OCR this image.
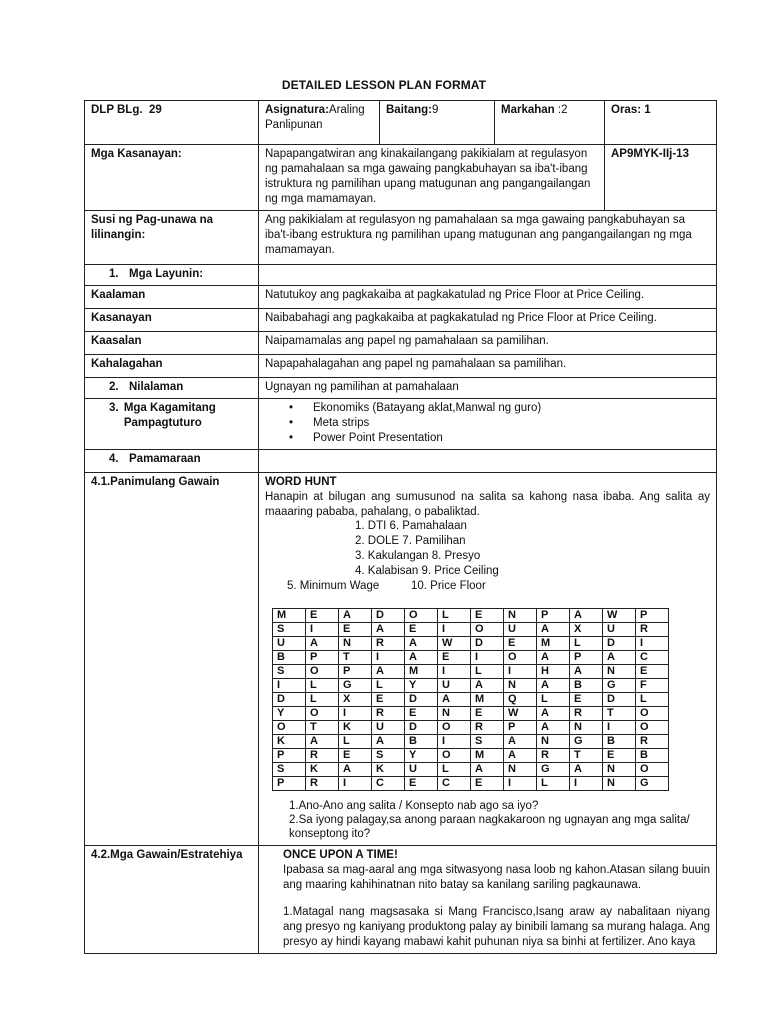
DETAILED LESSON PLAN FORMAT
DLP BLg. 29	Asignatura:Araling Panlipunan	Baitang:9	Markahan :2	Oras: 1
Mga Kasanayan:	Napapangatwiran ang kinakailangang pakikialam at regulasyon ng pamahalaan sa mga gawaing pangkabuhayan sa iba't-ibang istruktura ng pamilihan upang matugunan ang pangangailangan ng mga mamamayan.	AP9MYK-IIj-13
Susi ng Pag-unawa na lilinangin:	Ang pakikialam at regulasyon ng pamahalaan sa mga gawaing pangkabuhayan sa iba't-ibang estruktura ng pamilihan upang matugunan ang pangangailangan ng mga mamamayan.
1. Mga Layunin:	
Kaalaman	Natutukoy ang pagkakaiba at pagkakatulad ng Price Floor at Price Ceiling.
Kasanayan	Naibabahagi ang pagkakaiba at pagkakatulad ng Price Floor at Price Ceiling.
Kaasalan	Naipamamalas ang papel ng pamahalaan sa pamilihan.
Kahalagahan	Napapahalagahan ang papel ng pamahalaan sa pamilihan.
2. Nilalaman	Ugnayan ng pamilihan at pamahalaan

3. Mga Kagamitang Pampagtuturo

• Ekonomiks (Batayang aklat,Manwal ng guro)
• Meta strips
• Power Point Presentation

4. Pamamaraan	
4.1.Panimulang Gawain	WORD HUNT
Hanapin at bilugan ang sumusunod na salita sa kahong nasa ibaba. Ang salita ay maaaring pababa, pahalang, o pabaliktad.
1. DTI 6. Pamahalaan
2. DOLE 7. Pamilihan
3. Kakulangan 8. Presyo
4. Kalabisan 9. Price Ceiling
5. Minimum Wage	10. Price Floor
M	E	A	D	O	L	E	N	P	A	W	P
S	I	E	A	E	I	O	U	A	X	U	R
U	A	N	R	A	W	D	E	M	L	D	I
B	P	T	I	A	E	I	O	A	P	A	C
S	O	P	A	M	I	L	I	H	A	N	E
I	L	G	L	Y	U	A	N	A	B	G	F
D	L	X	E	D	A	M	Q	L	E	D	L
Y	O	I	R	E	N	E	W	A	R	T	O
O	T	K	U	D	O	R	P	A	N	I	O
K	A	L	A	B	I	S	A	N	G	B	R
P	R	E	S	Y	O	M	A	R	T	E	B
S	K	A	K	U	L	A	N	G	A	N	O
P	R	I	C	E	C	E	I	L	I	N	G
1.Ano-Ano ang salita / Konsepto nab ago sa iyo?
2.Sa iyong palagay,sa anong paraan nagkakaroon ng ugnayan ang mga salita/
konseptong ito?

4.2.Mga Gawain/Estratehiya	ONCE UPON A TIME!

Ipabasa sa mag-aaral ang mga sitwasyong nasa loob ng kahon.Atasan silang buuin ang maaring kahihinatnan nito batay sa kanilang sariling pagkaunawa.

1.Matagal nang magsasaka si Mang Francisco,Isang araw ay nabalitaan niyang ang presyo ng kaniyang produktong palay ay binibili lamang sa murang halaga. Ang presyo ay hindi kayang mabawi kahit puhunan niya sa binhi at fertilizer. Ano kaya
